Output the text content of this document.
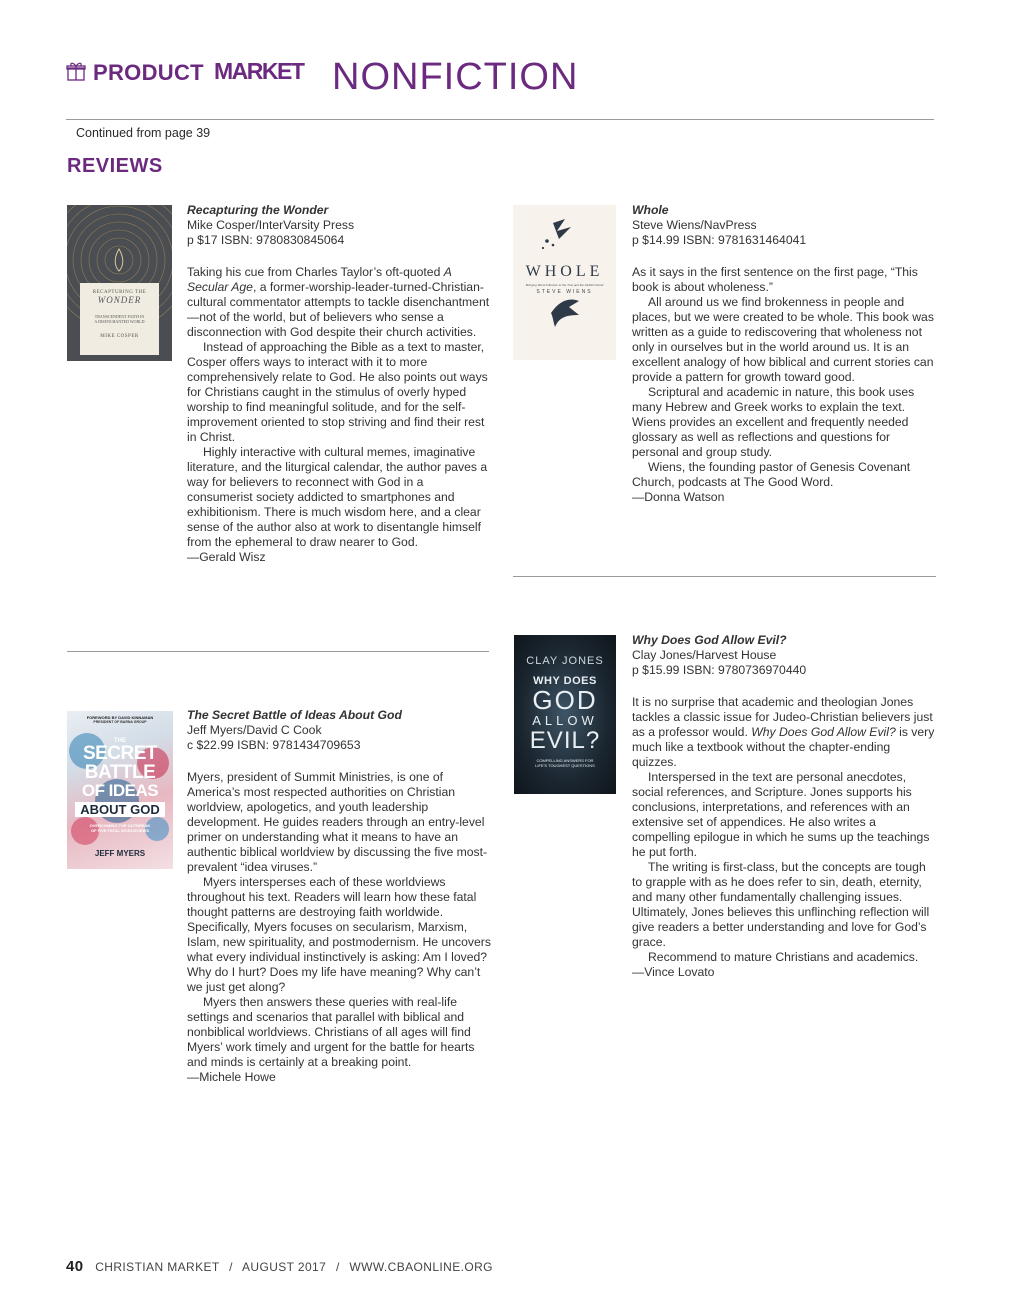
PRODUCT MARKET NONFICTION
Continued from page 39
REVIEWS
RECAPTURING THE
WONDER
TRANSCENDENT FAITH IN
A DISENCHANTED WORLD
MIKE COSPER
Recapturing the Wonder
Mike Cosper/InterVarsity Press
p $17 ISBN: 9780830845064

Taking his cue from Charles Taylor’s oft-quoted A Secular Age, a former-worship-leader-turned-Christian-cultural commentator attempts to tackle disenchantment—not of the world, but of believers who sense a disconnection with God despite their church activities.

Instead of approaching the Bible as a text to master, Cosper offers ways to interact with it to more comprehensively relate to God. He also points out ways for Christians caught in the stimulus of overly hyped worship to find meaningful solitude, and for the self-improvement oriented to stop striving and find their rest in Christ.

Highly interactive with cultural memes, imaginative literature, and the liturgical calendar, the author paves a way for believers to reconnect with God in a consumerist society addicted to smartphones and exhibitionism. There is much wisdom here, and a clear sense of the author also at work to disentangle himself from the ephemeral to draw nearer to God.

—Gerald Wisz

WHOLE
Bringing Word & Broken to the True and the Faithful World
STEVE WIENS
Whole
Steve Wiens/NavPress
p $14.99 ISBN: 9781631464041

As it says in the first sentence on the first page, “This book is about wholeness.”

All around us we find brokenness in people and places, but we were created to be whole. This book was written as a guide to rediscovering that wholeness not only in ourselves but in the world around us. It is an excellent analogy of how biblical and current stories can provide a pattern for growth toward good.

Scriptural and academic in nature, this book uses many Hebrew and Greek works to explain the text. Wiens provides an excellent and frequently needed glossary as well as reflections and questions for personal and group study.

Wiens, the founding pastor of Genesis Covenant Church, podcasts at The Good Word.

—Donna Watson

FOREWORD BY DAVID KINNAMAN
PRESIDENT OF BARNA GROUP
THE
SECRET
BATTLE
OF IDEAS
ABOUT GOD
OVERCOMING THE OUTBREAK
OF FIVE FATAL WORLDVIEWS
JEFF MYERS
The Secret Battle of Ideas About God
Jeff Myers/David C Cook
c $22.99 ISBN: 9781434709653

Myers, president of Summit Ministries, is one of America’s most respected authorities on Christian worldview, apologetics, and youth leadership development. He guides readers through an entry-level primer on understanding what it means to have an authentic biblical worldview by discussing the five most-prevalent “idea viruses.”

Myers intersperses each of these worldviews throughout his text. Readers will learn how these fatal thought patterns are destroying faith worldwide. Specifically, Myers focuses on secularism, Marxism, Islam, new spirituality, and postmodernism. He uncovers what every individual instinctively is asking: Am I loved? Why do I hurt? Does my life have meaning? Why can’t we just get along?

Myers then answers these queries with real-life settings and scenarios that parallel with biblical and nonbiblical worldviews. Christians of all ages will find Myers’ work timely and urgent for the battle for hearts and minds is certainly at a breaking point.

—Michele Howe

CLAY JONES
WHY DOES
GOD
ALLOW
EVIL?
COMPELLING ANSWERS FOR
LIFE'S TOUGHEST QUESTIONS
Why Does God Allow Evil?
Clay Jones/Harvest House
p $15.99 ISBN: 9780736970440

It is no surprise that academic and theologian Jones tackles a classic issue for Judeo-Christian believers just as a professor would. Why Does God Allow Evil? is very much like a textbook without the chapter-ending quizzes.

Interspersed in the text are personal anecdotes, social references, and Scripture. Jones supports his conclusions, interpretations, and references with an extensive set of appendices. He also writes a compelling epilogue in which he sums up the teachings he put forth.

The writing is first-class, but the concepts are tough to grapple with as he does refer to sin, death, eternity, and many other fundamentally challenging issues. Ultimately, Jones believes this unflinching reflection will give readers a better understanding and love for God’s grace.

Recommend to mature Christians and academics.

—Vince Lovato

40 CHRISTIAN MARKET / AUGUST 2017 / WWW.CBAONLINE.ORG
